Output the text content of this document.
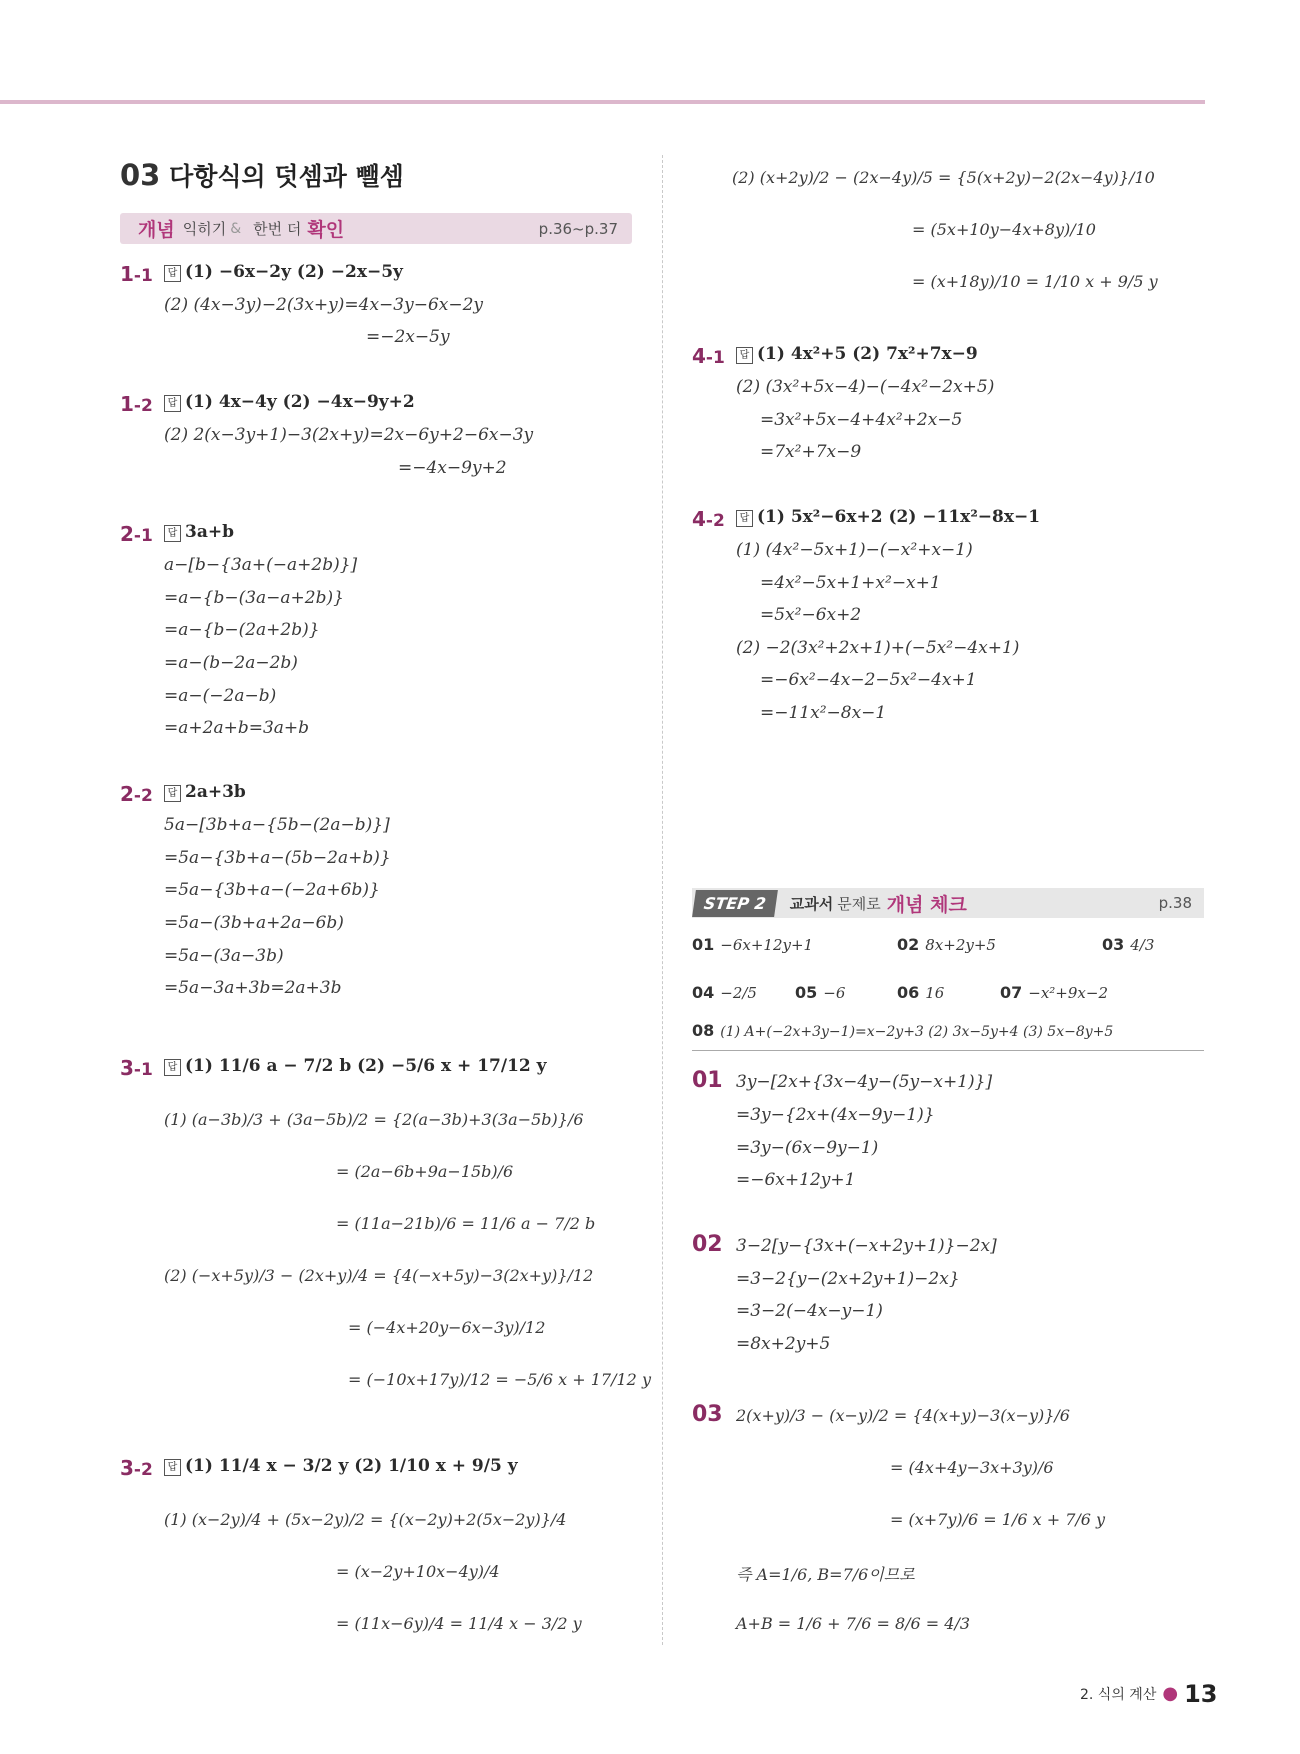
03 다항식의 덧셈과 뺄셈
개념 익히기 & 한번 더 확인	p.36~p.37
1-1	답 (1) −6x−2y (2) −2x−5y
(2) (4x−3y)−2(3x+y)=4x−3y−6x−2y
=−2x−5y
1-2	답 (1) 4x−4y (2) −4x−9y+2
(2) 2(x−3y+1)−3(2x+y)=2x−6y+2−6x−3y
=−4x−9y+2
2-1	답 3a+b
a−[b−{3a+(−a+2b)}]
=a−{b−(3a−a+2b)}
=a−{b−(2a+2b)}
=a−(b−2a−2b)
=a−(−2a−b)
=a+2a+b=3a+b
2-2	답 2a+3b
5a−[3b+a−{5b−(2a−b)}]
=5a−{3b+a−(5b−2a+b)}
=5a−{3b+a−(−2a+6b)}
=5a−(3b+a+2a−6b)
=5a−(3a−3b)
=5a−3a+3b=2a+3b
3-1	답 (1) 11/6 a − 7/2 b (2) −5/6 x + 17/12 y
(1) (a−3b)/3 + (3a−5b)/2 = {2(a−3b)+3(3a−5b)}/6
= (2a−6b+9a−15b)/6
= (11a−21b)/6 = 11/6 a − 7/2 b
(2) (−x+5y)/3 − (2x+y)/4 = {4(−x+5y)−3(2x+y)}/12
= (−4x+20y−6x−3y)/12
= (−10x+17y)/12 = −5/6 x + 17/12 y
3-2	답 (1) 11/4 x − 3/2 y (2) 1/10 x + 9/5 y
(1) (x−2y)/4 + (5x−2y)/2 = {(x−2y)+2(5x−2y)}/4
= (x−2y+10x−4y)/4
= (11x−6y)/4 = 11/4 x − 3/2 y
(2) (x+2y)/2 − (2x−4y)/5 = {5(x+2y)−2(2x−4y)}/10
= (5x+10y−4x+8y)/10
= (x+18y)/10 = 1/10 x + 9/5 y
4-1	답 (1) 4x²+5 (2) 7x²+7x−9
(2) (3x²+5x−4)−(−4x²−2x+5)
=3x²+5x−4+4x²+2x−5
=7x²+7x−9
4-2	답 (1) 5x²−6x+2 (2) −11x²−8x−1
(1) (4x²−5x+1)−(−x²+x−1)
=4x²−5x+1+x²−x+1
=5x²−6x+2
(2) −2(3x²+2x+1)+(−5x²−4x+1)
=−6x²−4x−2−5x²−4x+1
=−11x²−8x−1
STEP 2	교과서 문제로 개념 체크	p.38
01 −6x+12y+1	02 8x+2y+5	03 4/3
04 −2/5 05 −6	06 16	07 −x²+9x−2
08 (1) A+(−2x+3y−1)=x−2y+3 (2) 3x−5y+4 (3) 5x−8y+5
01 3y−[2x+{3x−4y−(5y−x+1)}]
=3y−{2x+(4x−9y−1)}
=3y−(6x−9y−1)
=−6x+12y+1
02 3−2[y−{3x+(−x+2y+1)}−2x]
=3−2{y−(2x+2y+1)−2x}
=3−2(−4x−y−1)
=8x+2y+5
03 2(x+y)/3 − (x−y)/2 = {4(x+y)−3(x−y)}/6
= (4x+4y−3x+3y)/6
= (x+7y)/6 = 1/6 x + 7/6 y
즉 A=1/6, B=7/6이므로
A+B = 1/6 + 7/6 = 8/6 = 4/3
2. 식의 계산 ● 13
